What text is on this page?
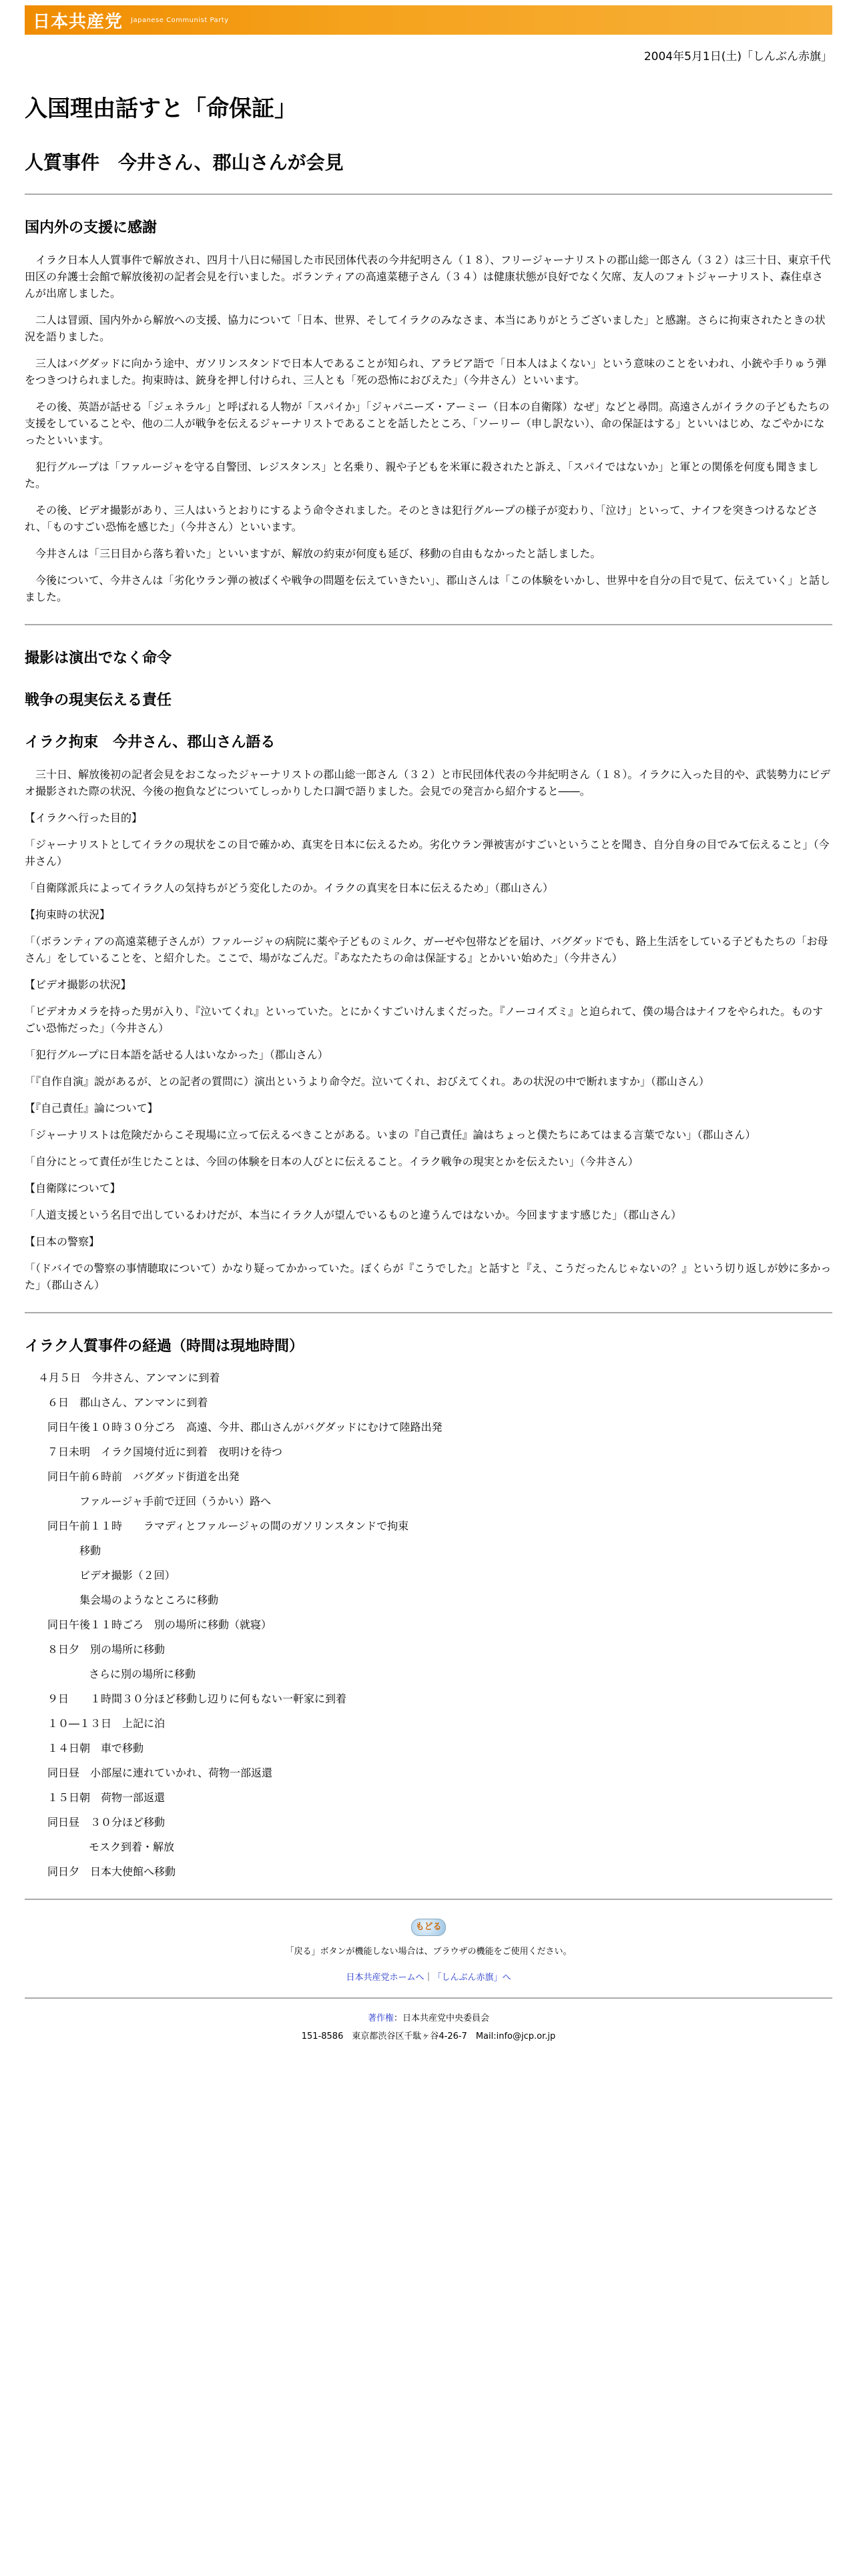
日本共産党 Japanese Communist Party
2004年5月1日(土)「しんぶん赤旗」
入国理由話すと「命保証」
人質事件　今井さん、郡山さんが会見
国内外の支援に感謝

　イラク日本人人質事件で解放され、四月十八日に帰国した市民団体代表の今井紀明さん（１８）、フリージャーナリストの郡山総一郎さん（３２）は三十日、東京千代田区の弁護士会館で解放後初の記者会見を行いました。ボランティアの高遠菜穂子さん（３４）は健康状態が良好でなく欠席、友人のフォトジャーナリスト、森住卓さんが出席しました。

　二人は冒頭、国内外から解放への支援、協力について「日本、世界、そしてイラクのみなさま、本当にありがとうございました」と感謝。さらに拘束されたときの状況を語りました。

　三人はバグダッドに向かう途中、ガソリンスタンドで日本人であることが知られ、アラビア語で「日本人はよくない」という意味のことをいわれ、小銃や手りゅう弾をつきつけられました。拘束時は、銃身を押し付けられ、三人とも「死の恐怖におびえた」（今井さん）といいます。

　その後、英語が話せる「ジェネラル」と呼ばれる人物が「スパイか」「ジャパニーズ・アーミー（日本の自衛隊）なぜ」などと尋問。高遠さんがイラクの子どもたちの支援をしていることや、他の二人が戦争を伝えるジャーナリストであることを話したところ、「ソーリー（申し訳ない）、命の保証はする」といいはじめ、なごやかになったといいます。

　犯行グループは「ファルージャを守る自警団、レジスタンス」と名乗り、親や子どもを米軍に殺されたと訴え、「スパイではないか」と軍との関係を何度も聞きました。

　その後、ビデオ撮影があり、三人はいうとおりにするよう命令されました。そのときは犯行グループの様子が変わり、「泣け」といって、ナイフを突きつけるなどされ、「ものすごい恐怖を感じた」（今井さん）といいます。

　今井さんは「三日目から落ち着いた」といいますが、解放の約束が何度も延び、移動の自由もなかったと話しました。

　今後について、今井さんは「劣化ウラン弾の被ばくや戦争の問題を伝えていきたい」、郡山さんは「この体験をいかし、世界中を自分の目で見て、伝えていく」と話しました。

撮影は演出でなく命令
戦争の現実伝える責任
イラク拘束　今井さん、郡山さん語る

　三十日、解放後初の記者会見をおこなったジャーナリストの郡山総一郎さん（３２）と市民団体代表の今井紀明さん（１８）。イラクに入った目的や、武装勢力にビデオ撮影された際の状況、今後の抱負などについてしっかりした口調で語りました。会見での発言から紹介すると――。

【イラクへ行った目的】

「ジャーナリストとしてイラクの現状をこの目で確かめ、真実を日本に伝えるため。劣化ウラン弾被害がすごいということを聞き、自分自身の目でみて伝えること」（今井さん）

「自衛隊派兵によってイラク人の気持ちがどう変化したのか。イラクの真実を日本に伝えるため」（郡山さん）

【拘束時の状況】

「（ボランティアの高遠菜穂子さんが）ファルージャの病院に薬や子どものミルク、ガーゼや包帯などを届け、バグダッドでも、路上生活をしている子どもたちの「お母さん」をしていることを、と紹介した。ここで、場がなごんだ。『あなたたちの命は保証する』とかいい始めた」（今井さん）

【ビデオ撮影の状況】

「ビデオカメラを持った男が入り、『泣いてくれ』といっていた。とにかくすごいけんまくだった。『ノーコイズミ』と迫られて、僕の場合はナイフをやられた。ものすごい恐怖だった」（今井さん）

「犯行グループに日本語を話せる人はいなかった」（郡山さん）

「『自作自演』説があるが、との記者の質問に）演出というより命令だ。泣いてくれ、おびえてくれ。あの状況の中で断れますか」（郡山さん）

【『自己責任』論について】

「ジャーナリストは危険だからこそ現場に立って伝えるべきことがある。いまの『自己責任』論はちょっと僕たちにあてはまる言葉でない」（郡山さん）

「自分にとって責任が生じたことは、今回の体験を日本の人びとに伝えること。イラク戦争の現実とかを伝えたい」（今井さん）

【自衛隊について】

「人道支援という名目で出しているわけだが、本当にイラク人が望んでいるものと違うんではないか。今回ますます感じた」（郡山さん）

【日本の警察】

「（ドバイでの警察の事情聴取について）かなり疑ってかかっていた。ぼくらが『こうでした』と話すと『え、こうだったんじゃないの？』という切り返しが妙に多かった」（郡山さん）

イラク人質事件の経過（時間は現地時間）
４月５日　今井さん、アンマンに到着
６日　郡山さん、アンマンに到着
同日午後１０時３０分ごろ　高遠、今井、郡山さんがバグダッドにむけて陸路出発
７日未明　イラク国境付近に到着　夜明けを待つ
同日午前６時前　バグダッド街道を出発
ファルージャ手前で迂回（うかい）路へ
同日午前１１時　　ラマディとファルージャの間のガソリンスタンドで拘束
移動
ビデオ撮影（２回）
集会場のようなところに移動
同日午後１１時ごろ　別の場所に移動（就寝）
８日夕　別の場所に移動
さらに別の場所に移動
９日　　１時間３０分ほど移動し辺りに何もない一軒家に到着
１０―１３日　上記に泊
１４日朝　車で移動
同日昼　小部屋に連れていかれ、荷物一部返還
１５日朝　荷物一部返還
同日昼　３０分ほど移動
モスク到着・解放
同日夕　日本大使館へ移動
もどる
「戻る」ボタンが機能しない場合は、ブラウザの機能をご使用ください。
日本共産党ホームへ｜「しんぶん赤旗」へ
著作権：日本共産党中央委員会
151-8586　東京都渋谷区千駄ヶ谷4-26-7　Mail:info@jcp.or.jp
